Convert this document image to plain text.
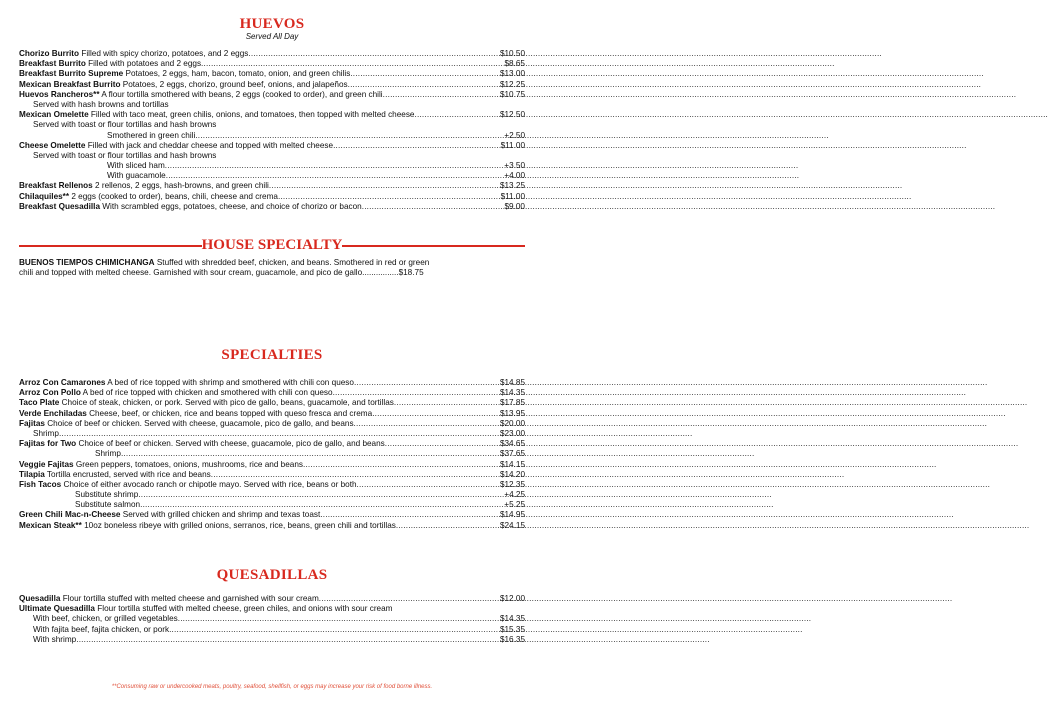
HUEVOS
Served All Day
Chorizo Burrito Filled with spicy chorizo, potatoes, and 2 eggs .....	$10.50
Breakfast Burrito Filled with potatoes and 2 eggs .....	$8.65
Breakfast Burrito Supreme Potatoes, 2 eggs, ham, bacon, tomato, onion, and green chilis .....	$13.00
Mexican Breakfast Burrito Potatoes, 2 eggs, chorizo, ground beef, onions, and jalapeños .....	$12.25
Huevos Rancheros** A flour tortilla smothered with beans, 2 eggs (cooked to order), and green chili .....	$10.75
Served with hash browns and tortillas
Mexican Omelette Filled with taco meat, green chilis, onions, and tomatoes, then topped with melted cheese .....	$12.50
Served with toast or flour tortillas and hash browns
Smothered in green chili .....	+2.50
Cheese Omelette Filled with jack and cheddar cheese and topped with melted cheese .....	$11.00
Served with toast or flour tortillas and hash browns
With sliced ham .....	+3.50
With guacamole .....	+4.00
Breakfast Rellenos 2 rellenos, 2 eggs, hash-browns, and green chili .....	$13.25
Chilaquiles** 2 eggs (cooked to order), beans, chili, cheese and crema .....	$11.00
Breakfast Quesadilla With scrambled eggs, potatoes, cheese, and choice of chorizo or bacon .....	$9.00
HOUSE SPECIALTY
BUENOS TIEMPOS CHIMICHANGA Stuffed with shredded beef, chicken, and beans. Smothered in red or green
chili and topped with melted cheese. Garnished with sour cream, guacamole, and pico de gallo................$18.75
SPECIALTIES
Arroz Con Camarones A bed of rice topped with shrimp and smothered with chili con queso .....	$14.85
Arroz Con Pollo A bed of rice topped with chicken and smothered with chili con queso .....	$14.35
Taco Plate Choice of steak, chicken, or pork. Served with pico de gallo, beans, guacamole, and tortillas .....	$17.85
Verde Enchiladas Cheese, beef, or chicken, rice and beans topped with queso fresca and crema .....	$13.95
Fajitas Choice of beef or chicken. Served with cheese, guacamole, pico de gallo, and beans .....	$20.00
Shrimp .....	$23.00
Fajitas for Two Choice of beef or chicken. Served with cheese, guacamole, pico de gallo, and beans .....	$34.65
Shrimp .....	$37.65
Veggie Fajitas Green peppers, tomatoes, onions, mushrooms, rice and beans .....	$14.15
Tilapia Tortilla encrusted, served with rice and beans .....	$14.20
Fish Tacos Choice of either avocado ranch or chipotle mayo. Served with rice, beans or both .....	$12.35
Substitute shrimp .....	+4.25
Substitute salmon .....	+5.25
Green Chili Mac-n-Cheese Served with grilled chicken and shrimp and texas toast .....	$14.95
Mexican Steak** 10oz boneless ribeye with grilled onions, serranos, rice, beans, green chili and tortillas .....	$24.15
QUESADILLAS
Quesadilla Flour tortilla stuffed with melted cheese and garnished with sour cream .....	$12.00
Ultimate Quesadilla Flour tortilla stuffed with melted cheese, green chiles, and onions with sour cream
With beef, chicken, or grilled vegetables .....	$14.35
With fajita beef, fajita chicken, or pork .....	$15.35
With shrimp .....	$16.35
**Consuming raw or undercooked meats, poultry, seafood, shellfish, or eggs may increase your risk of food borne illness.
